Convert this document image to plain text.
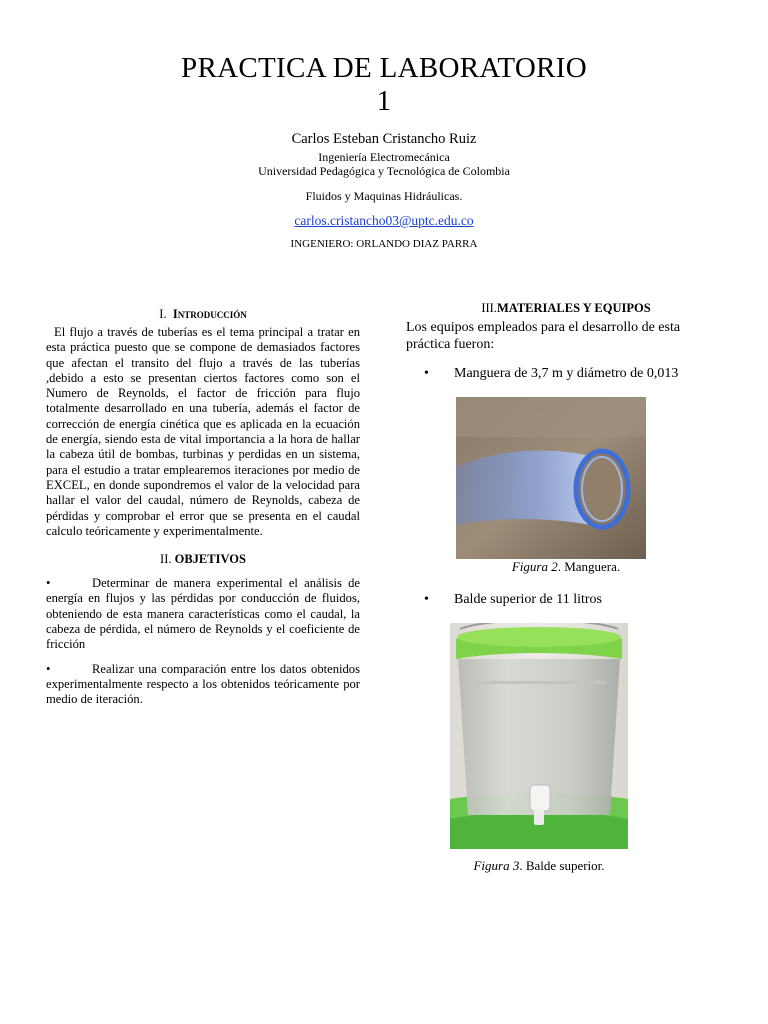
PRACTICA DE LABORATORIO
1
Carlos Esteban Cristancho Ruiz
Ingeniería Electromecánica
Universidad Pedagógica y Tecnológica de Colombia
Fluidos y Maquinas Hidráulicas.
carlos.cristancho03@uptc.edu.co
INGENIERO: ORLANDO DIAZ PARRA

I. Introducción

El flujo a través de tuberías es el tema principal a tratar en esta práctica puesto que se compone de demasiados factores que afectan el transito del flujo a través de las tuberías ,debido a esto se presentan ciertos factores como son el Numero de Reynolds, el factor de fricción para flujo totalmente desarrollado en una tubería, además el factor de corrección de energía cinética que es aplicada en la ecuación de energía, siendo esta de vital importancia a la hora de hallar la cabeza útil de bombas, turbinas y perdidas en un sistema, para el estudio a tratar emplearemos iteraciones por medio de EXCEL, en donde supondremos el valor de la velocidad para hallar el valor del caudal, número de Reynolds, cabeza de pérdidas y comprobar el error que se presenta en el caudal calculo teóricamente y experimentalmente.

II. OBJETIVOS

•	Determinar de manera experimental el análisis de energía en flujos y las pérdidas por conducción de fluidos, obteniendo de esta manera características como el caudal, la cabeza de pérdida, el número de Reynolds y el coeficiente de fricción

•	Realizar una comparación entre los datos obtenidos experimentalmente respecto a los obtenidos teóricamente por medio de iteración.

III.MATERIALES Y EQUIPOS

Los equipos empleados para el desarrollo de esta práctica fueron:

• Manguera de 3,7 m y diámetro de 0,013
Figura 2. Manguera.
• Balde superior de 11 litros
Figura 3. Balde superior.
